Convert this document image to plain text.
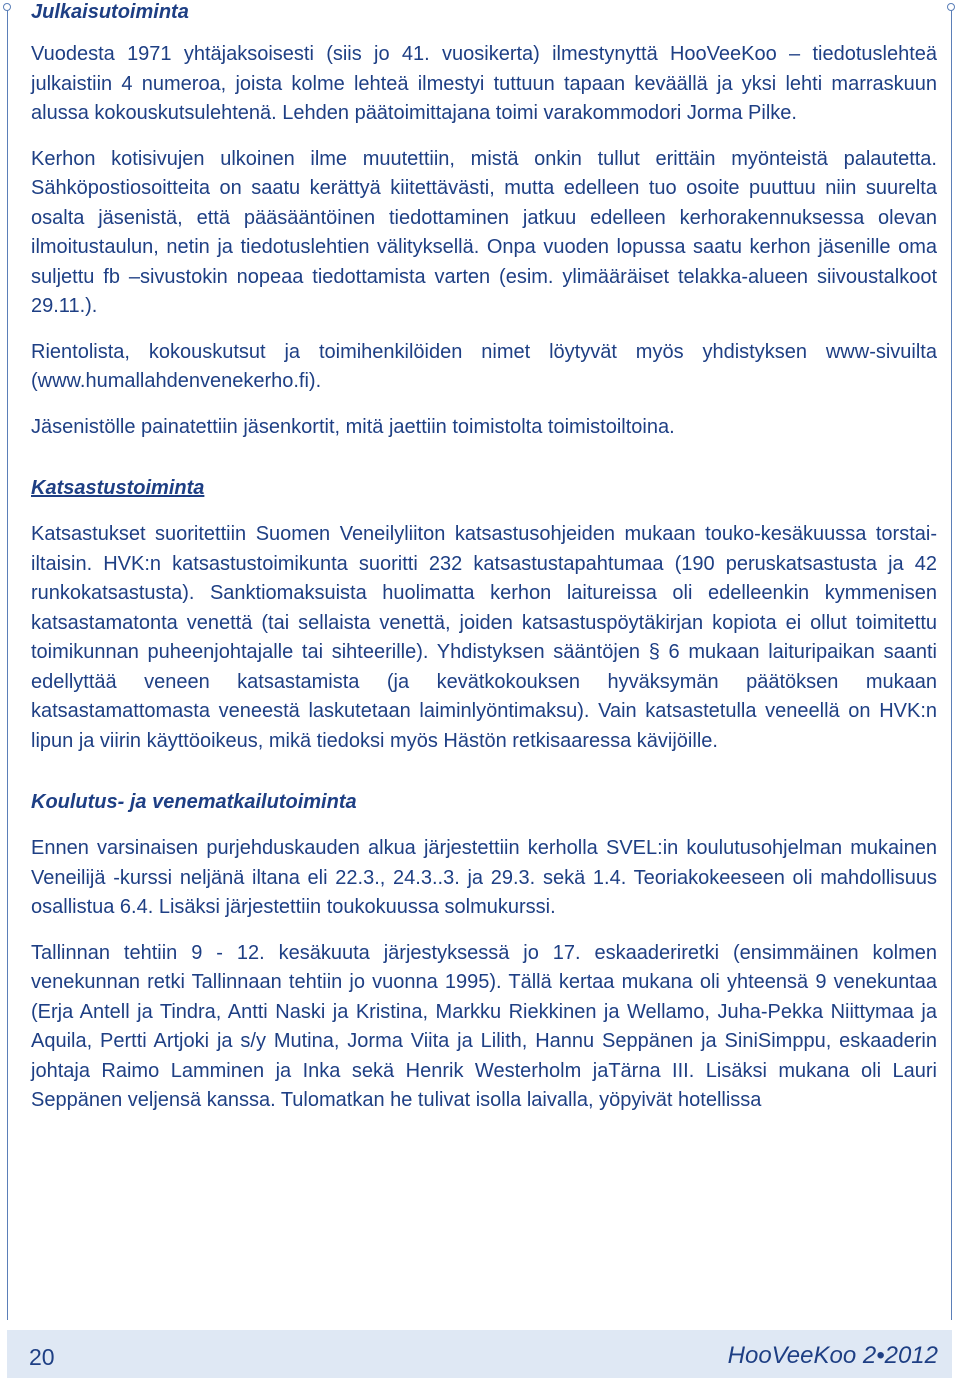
Julkaisutoiminta

Vuodesta 1971 yhtäjaksoisesti (siis jo 41. vuosikerta) ilmestynyttä HooVeeKoo – tiedotuslehteä julkaistiin 4 numeroa, joista kolme lehteä ilmestyi tuttuun tapaan keväällä ja yksi lehti marraskuun alussa kokouskutsulehtenä. Lehden päätoimittajana toimi varakommodori Jorma Pilke.

Kerhon kotisivujen ulkoinen ilme muutettiin, mistä onkin tullut erittäin myönteistä palautetta. Sähköpostiosoitteita on saatu kerättyä kiitettävästi, mutta edelleen tuo osoite puuttuu niin suurelta osalta jäsenistä, että pääsääntöinen tiedottaminen jatkuu edelleen kerhorakennuksessa olevan ilmoitustaulun, netin ja tiedotuslehtien välityksellä. Onpa vuoden lopussa saatu kerhon jäsenille oma suljettu fb –sivustokin nopeaa tiedottamista varten (esim. ylimääräiset telakka-alueen siivoustalkoot 29.11.).

Rientolista, kokouskutsut ja toimihenkilöiden nimet löytyvät myös yhdistyksen www-sivuilta (www.humallahdenvenekerho.fi).

Jäsenistölle painatettiin jäsenkortit, mitä jaettiin toimistolta toimistoiltoina.

Katsastustoiminta

Katsastukset suoritettiin Suomen Veneilyliiton katsastusohjeiden mukaan touko-kesäkuussa torstai-iltaisin. HVK:n katsastustoimikunta suoritti 232 katsastustapahtumaa (190 peruskatsastusta ja 42 runkokatsastusta). Sanktiomaksuista huolimatta kerhon laitureissa oli edelleenkin kymmenisen katsastamatonta venettä (tai sellaista venettä, joiden katsastuspöytäkirjan kopiota ei ollut toimitettu toimikunnan puheenjohtajalle tai sihteerille). Yhdistyksen sääntöjen § 6 mukaan laituripaikan saanti edellyttää veneen katsastamista (ja kevätkokouksen hyväksymän päätöksen mukaan katsastamattomasta veneestä laskutetaan laiminlyöntimaksu). Vain katsastetulla veneellä on HVK:n lipun ja viirin käyttöoikeus, mikä tiedoksi myös Hästön retkisaaressa kävijöille.

Koulutus- ja venematkailutoiminta

Ennen varsinaisen purjehduskauden alkua järjestettiin kerholla SVEL:in koulutusohjelman mukainen Veneilijä -kurssi neljänä iltana eli 22.3., 24.3..3. ja 29.3. sekä 1.4. Teoriakokeeseen oli mahdollisuus osallistua 6.4. Lisäksi järjestettiin toukokuussa solmukurssi.

Tallinnan tehtiin 9 - 12. kesäkuuta järjestyksessä jo 17. eskaaderiretki (ensimmäinen kolmen venekunnan retki Tallinnaan tehtiin jo vuonna 1995). Tällä kertaa mukana oli yhteensä 9 venekuntaa (Erja Antell ja Tindra, Antti Naski ja Kristina, Markku Riekkinen ja Wellamo, Juha-Pekka Niittymaa ja Aquila, Pertti Artjoki ja s/y Mutina, Jorma Viita ja Lilith, Hannu Seppänen ja SiniSimppu, eskaaderin johtaja Raimo Lamminen ja Inka sekä Henrik Westerholm jaTärna III. Lisäksi mukana oli Lauri Seppänen veljensä kanssa. Tulomatkan he tulivat isolla laivalla, yöpyivät hotellissa

20	HooVeeKoo 2•2012
